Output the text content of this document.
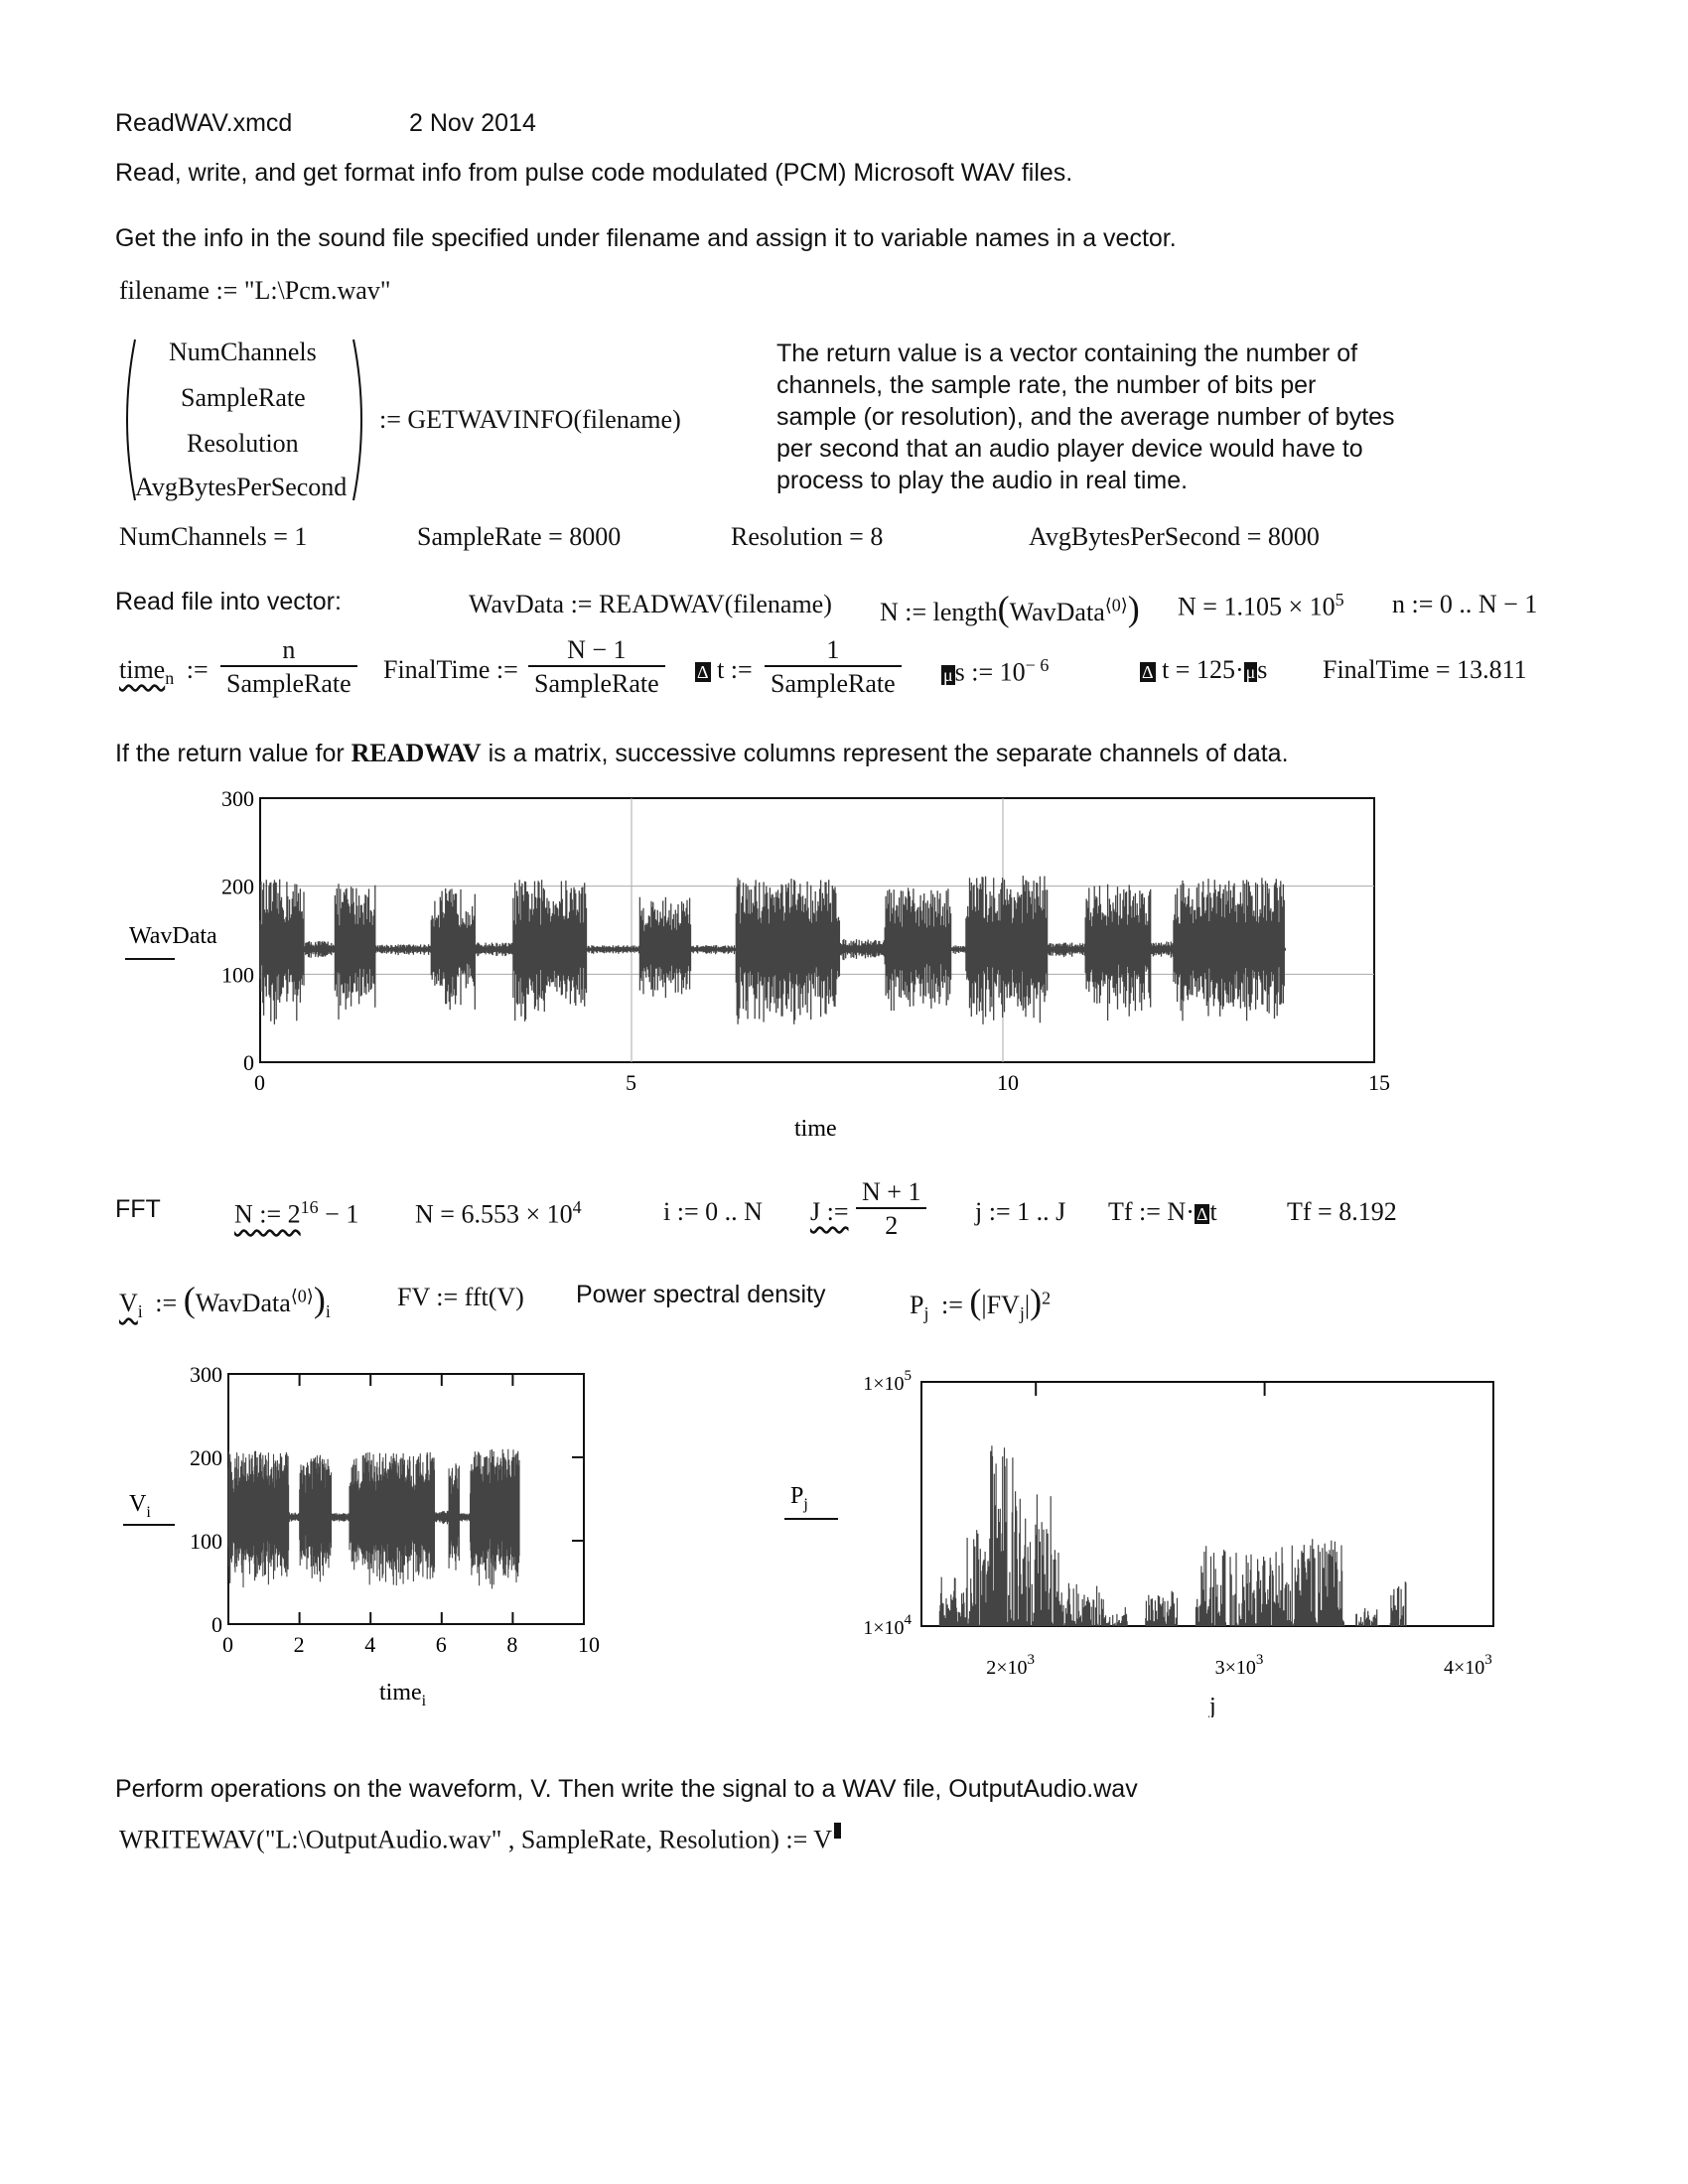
ReadWAV.xmcd	2 Nov 2014
Read, write, and get format info from pulse code modulated (PCM) Microsoft WAV files.
Get the info in the sound file specified under filename and assign it to variable names in a vector.
filename := "L:\Pcm.wav"
NumChannels
SampleRate
Resolution
AvgBytesPerSecond
:= GETWAVINFO(filename)
The return value is a vector containing the number of
channels, the sample rate, the number of bits per
sample (or resolution), and the average number of bytes
per second that an audio player device would have to
process to play the audio in real time.
NumChannels = 1	SampleRate = 8000	Resolution = 8	AvgBytesPerSecond = 8000
Read file into vector:	WavData := READWAV(filename) N := length(WavData$^{⟨0⟩}$) $N = 1.105 \times 10^5$ n := 0 .. N − 1
time$_n$ :=
n
SampleRate FinalTime :=
N − 1
SampleRate	Δ t :=
1
SampleRate	μs := $10^{- 6}$	Δ t = 125· μs FinalTime = 13.811
If the return value for READWAV is a matrix, successive columns represent the separate channels of data.
0	5	10	15
0
100
200
300
WavData
time
FFT	N := $2^{16} - 1$ $N = 6.553 \times 10^4$	i := 0 .. N J := $\frac{N + 1}{2}$ j := 1 .. J Tf := N· Δt	Tf = 8.192
$V_i$ := $(WavData^{⟨0⟩})_i$
FV := fft(V) Power spectral density	$P_j$ := $(|FV_j|)^2$
0	2	4	6	8	10
0
100
200
300
$V_i$
time$_i$
$2\times 10^3$	$3\times 10^3$	$4\times 10^3$
$1\times 10^4$
$1\times 10^5$
$P_j$
j
Perform operations on the waveform, V. Then write the signal to a WAV file, OutputAudio.wav
WRITEWAV("L:\OutputAudio.wav" , SampleRate, Resolution) := V
